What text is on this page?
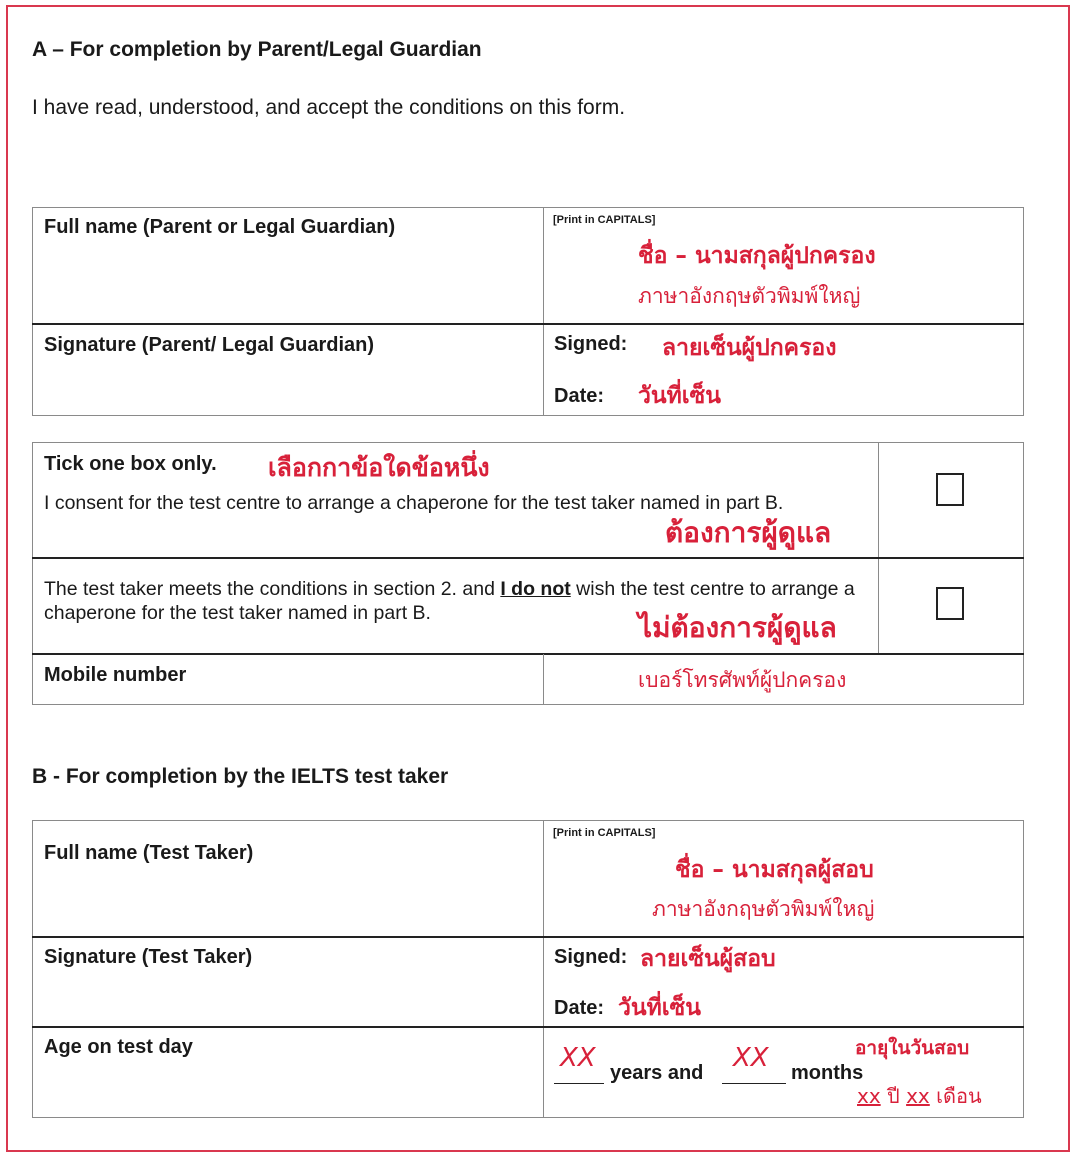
A – For completion by Parent/Legal Guardian
I have read, understood, and accept the conditions on this form.
Full name (Parent or Legal Guardian)	[Print in CAPITALS]
ชื่อ – นามสกุลผู้ปกครอง
ภาษาอังกฤษตัวพิมพ์ใหญ่
Signature (Parent/ Legal Guardian)	Signed: ลายเซ็นผู้ปกครอง
Date: วันที่เซ็น
Tick one box only. เลือกกาข้อใดข้อหนึ่ง
I consent for the test centre to arrange a chaperone for the test taker named in part B.
ต้องการผู้ดูแล
The test taker meets the conditions in section 2. and I do not wish the test centre to arrange a chaperone for the test taker named in part B.	ไม่ต้องการผู้ดูแล
Mobile number	เบอร์โทรศัพท์ผู้ปกครอง
B - For completion by the IELTS test taker
Full name (Test Taker)
[Print in CAPITALS]
ชื่อ – นามสกุลผู้สอบ
ภาษาอังกฤษตัวพิมพ์ใหญ่
Signature (Test Taker)	Signed: ลายเซ็นผู้สอบ
Date: วันที่เซ็น
Age on test day	อายุในวันสอบ
XX years and XX months
xx ปี xx เดือน
